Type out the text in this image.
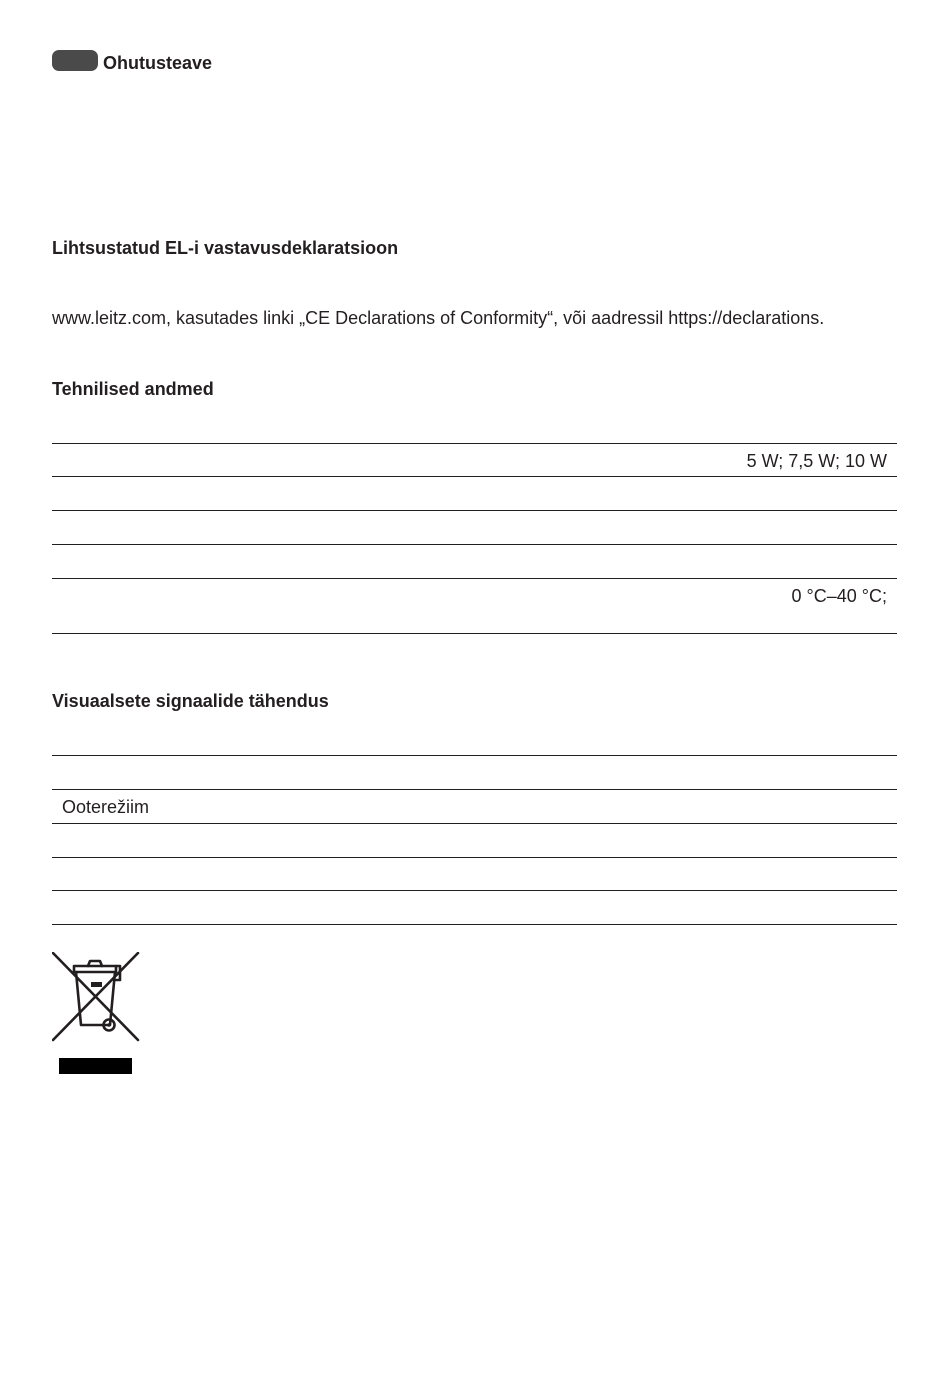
Ohutusteave
Lihtsustatud EL-i vastavusdeklaratsioon
www.leitz.com, kasutades linki „CE Declarations of Conformity“, või aadressil https://declarations.
Tehnilised andmed
5 W; 7,5 W; 10 W
0 °C–40 °C;
Visuaalsete signaalide tähendus
Ooterežiim
